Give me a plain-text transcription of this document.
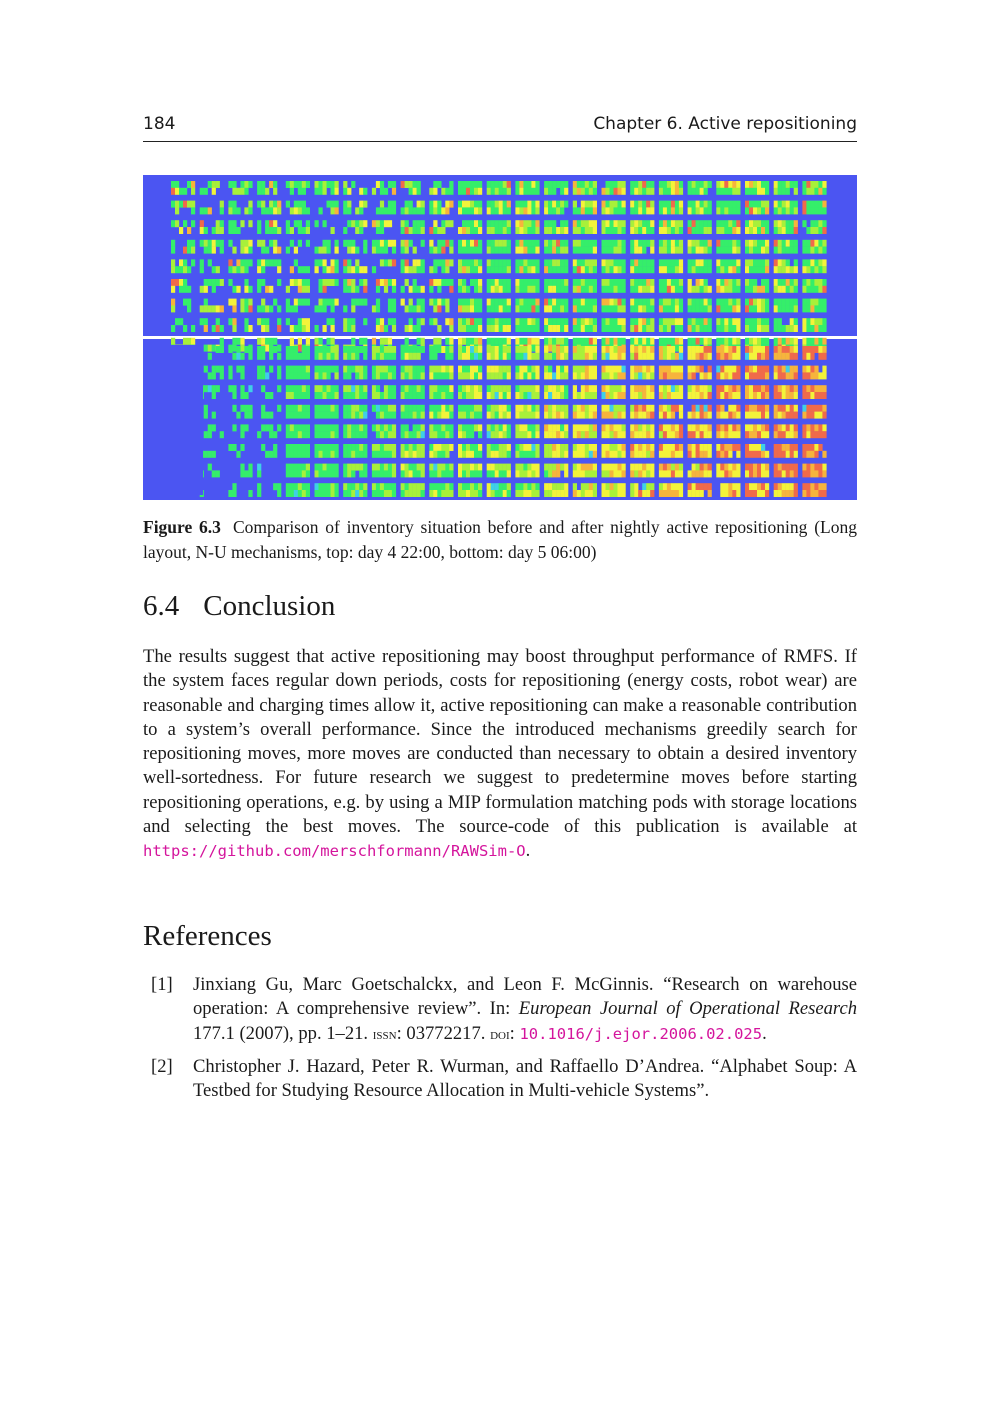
184	Chapter 6. Active repositioning
Figure 6.3 Comparison of inventory situation before and after nightly active repositioning (Long layout, N-U mechanisms, top: day 4 22:00, bottom: day 5 06:00)
6.4 Conclusion

The results suggest that active repositioning may boost throughput performance of RMFS. If the system faces regular down periods, costs for repositioning (energy costs, robot wear) are reasonable and charging times allow it, active repositioning can make a reasonable contribution to a system’s overall performance. Since the introduced mechanisms greedily search for repositioning moves, more moves are conducted than necessary to obtain a desired inventory well-sortedness. For future research we suggest to predetermine moves before starting repositioning operations, e.g. by using a MIP formulation matching pods with storage locations and selecting the best moves. The source-code of this publication is available at https://github.com/merschformann/RAWSim-O.

References
[1] Jinxiang Gu, Marc Goetschalckx, and Leon F. McGinnis. “Research on warehouse operation: A comprehensive review”. In: European Journal of Operational Research 177.1 (2007), pp. 1–21. issn: 03772217. doi: 10.1016/j.ejor.2006.02.025.
[2] Christopher J. Hazard, Peter R. Wurman, and Raffaello D’Andrea. “Alphabet Soup: A Testbed for Studying Resource Allocation in Multi-vehicle Systems”.
